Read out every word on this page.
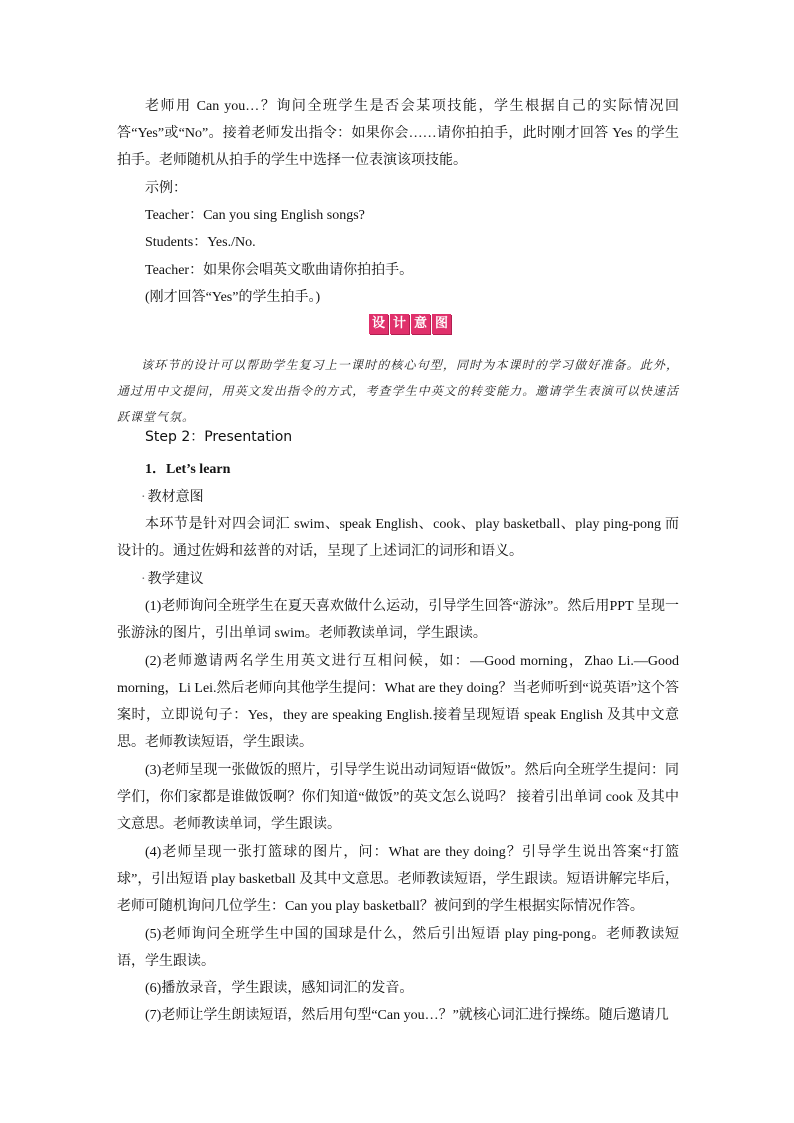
老师用 Can you…？询问全班学生是否会某项技能，学生根据自己的实际情况回答“Yes”或“No”。接着老师发出指令：如果你会……请你拍拍手，此时刚才回答 Yes 的学生拍手。老师随机从拍手的学生中选择一位表演该项技能。

示例：
Teacher：Can you sing English songs?
Students：Yes./No.
Teacher：如果你会唱英文歌曲请你拍拍手。
(刚才回答“Yes”的学生拍手。)
设 计 意 图

该环节的设计可以帮助学生复习上一课时的核心句型，同时为本课时的学习做好准备。此外，通过用中文提问，用英文发出指令的方式，考查学生中英文的转变能力。邀请学生表演可以快速活跃课堂气氛。

Step 2：Presentation
1．Let’s learn
· 教材意图

本环节是针对四会词汇 swim、speak English、cook、play basketball、play ping-pong 而设计的。通过佐姆和兹普的对话，呈现了上述词汇的词形和语义。

· 教学建议

(1)老师询问全班学生在夏天喜欢做什么运动，引导学生回答“游泳”。然后用PPT 呈现一张游泳的图片，引出单词 swim。老师教读单词，学生跟读。

(2)老师邀请两名学生用英文进行互相问候，如：—Good morning，Zhao Li.—Good morning，Li Lei.然后老师向其他学生提问：What are they doing？当老师听到“说英语”这个答案时，立即说句子：Yes，they are speaking English.接着呈现短语 speak English 及其中文意思。老师教读短语，学生跟读。

(3)老师呈现一张做饭的照片，引导学生说出动词短语“做饭”。然后向全班学生提问：同学们，你们家都是谁做饭啊？你们知道“做饭”的英文怎么说吗？ 接着引出单词 cook 及其中文意思。老师教读单词，学生跟读。

(4)老师呈现一张打篮球的图片，问：What are they doing？引导学生说出答案“打篮球”，引出短语 play basketball 及其中文意思。老师教读短语，学生跟读。短语讲解完毕后，老师可随机询问几位学生：Can you play basketball？被问到的学生根据实际情况作答。

(5)老师询问全班学生中国的国球是什么，然后引出短语 play ping-pong。老师教读短语，学生跟读。

(6)播放录音，学生跟读，感知词汇的发音。

(7)老师让学生朗读短语，然后用句型“Can you…？”就核心词汇进行操练。随后邀请几
